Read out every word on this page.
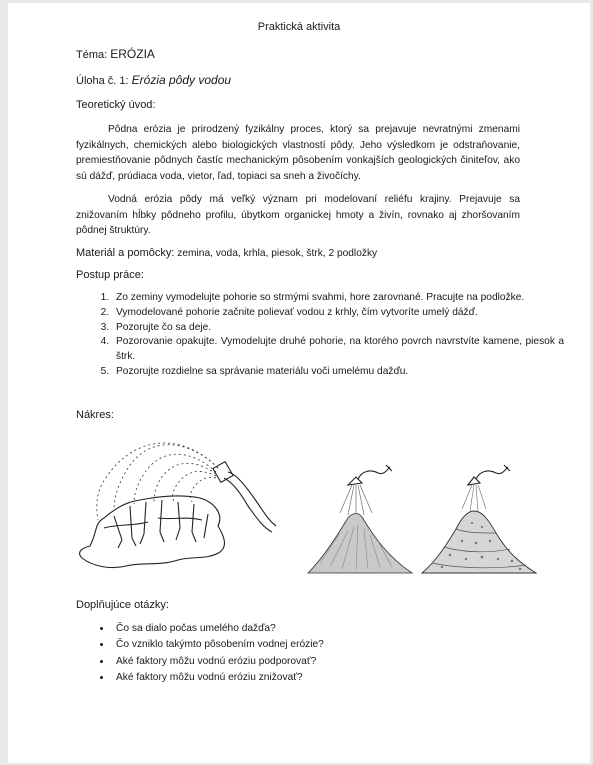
Praktická aktivita
Téma: ERÓZIA
Úloha č. 1: Erózia pôdy vodou
Teoretický úvod:
Pôdna erózia je prirodzený fyzikálny proces, ktorý sa prejavuje nevratnými zmenami fyzikálnych, chemických alebo biologických vlastností pôdy. Jeho výsledkom je odstraňovanie, premiestňovanie pôdnych častíc mechanickým pôsobením vonkajších geologických činiteľov, ako sú dážď, prúdiaca voda, vietor, ľad, topiaci sa sneh a živočíchy.
Vodná erózia pôdy má veľký význam pri modelovaní reliéfu krajiny. Prejavuje sa znižovaním hĺbky pôdneho profilu, úbytkom organickej hmoty a živín, rovnako aj zhoršovaním pôdnej štruktúry.
Materiál a pomôcky: zemina, voda, krhla, piesok, štrk, 2 podložky
Postup práce:
1. Zo zeminy vymodelujte pohorie so strmými svahmi, hore zarovnané. Pracujte na podložke.
2. Vymodelované pohorie začnite polievať vodou z krhly, čím vytvoríte umelý dážď.
3. Pozorujte čo sa deje.
4. Pozorovanie opakujte. Vymodelujte druhé pohorie, na ktorého povrch navrstvíte kamene, piesok a štrk.
5. Pozorujte rozdielne sa správanie materiálu voči umelému dažďu.
Nákres:
Doplňujúce otázky:
• Čo sa dialo počas umelého dažďa?
• Čo vzniklo takýmto pôsobením vodnej erózie?
• Aké faktory môžu vodnú eróziu podporovať?
• Aké faktory môžu vodnú eróziu znižovať?
